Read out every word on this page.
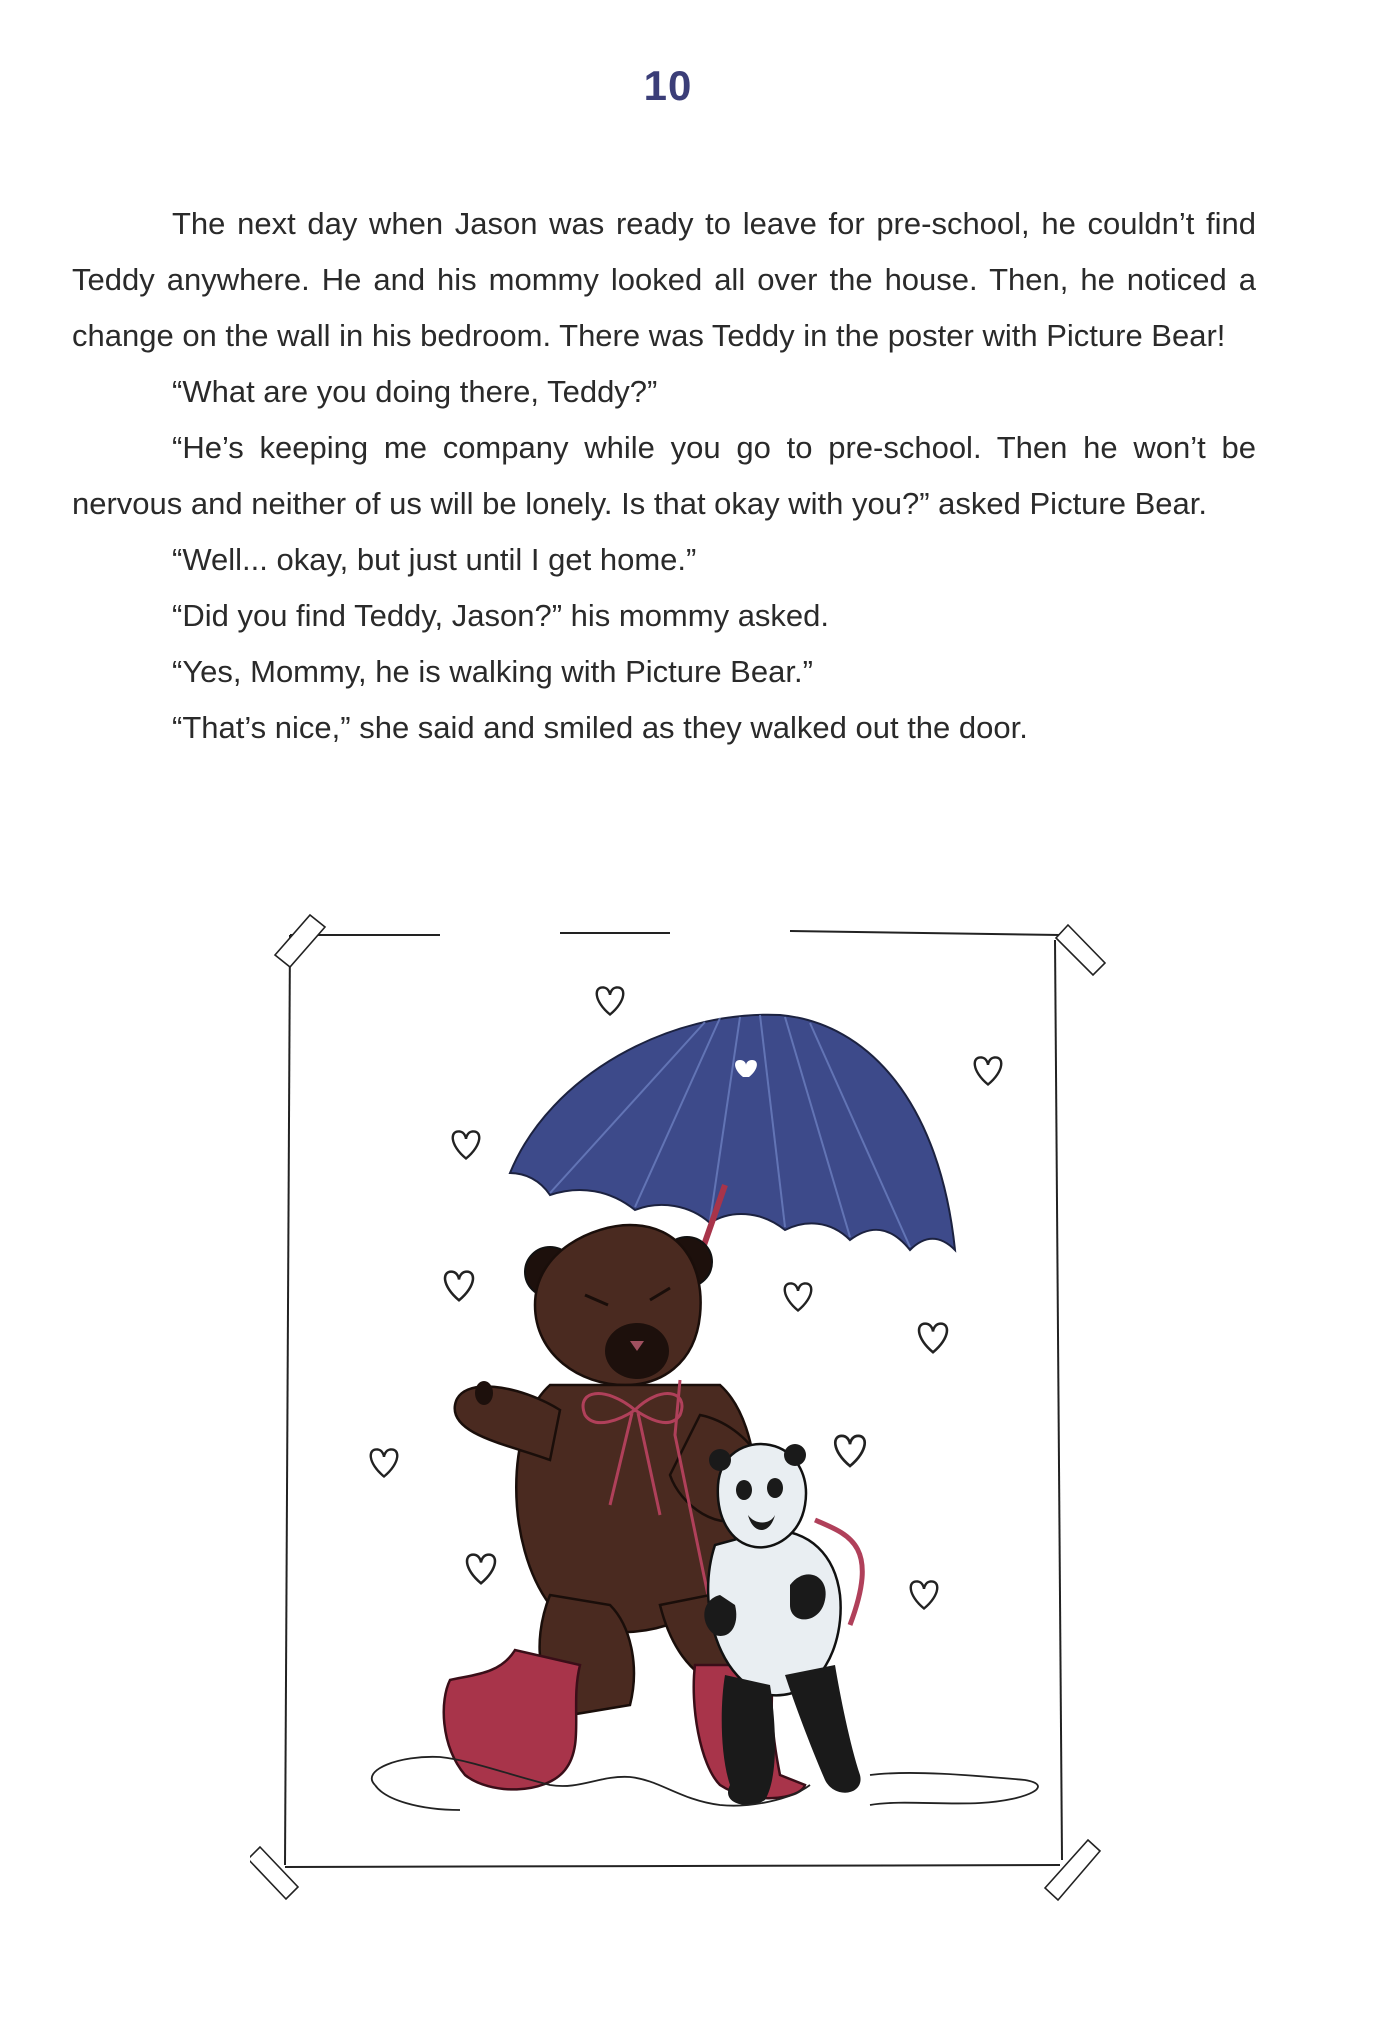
10

The next day when Jason was ready to leave for pre-school, he couldn’t find Teddy anywhere. He and his mommy looked all over the house. Then, he noticed a change on the wall in his bedroom. There was Teddy in the poster with Picture Bear!

“What are you doing there, Teddy?”

“He’s keeping me company while you go to pre-school. Then he won’t be nervous and neither of us will be lonely. Is that okay with you?” asked Picture Bear.

“Well... okay, but just until I get home.”

“Did you find Teddy, Jason?” his mommy asked.

“Yes, Mommy, he is walking with Picture Bear.”

“That’s nice,” she said and smiled as they walked out the door.
